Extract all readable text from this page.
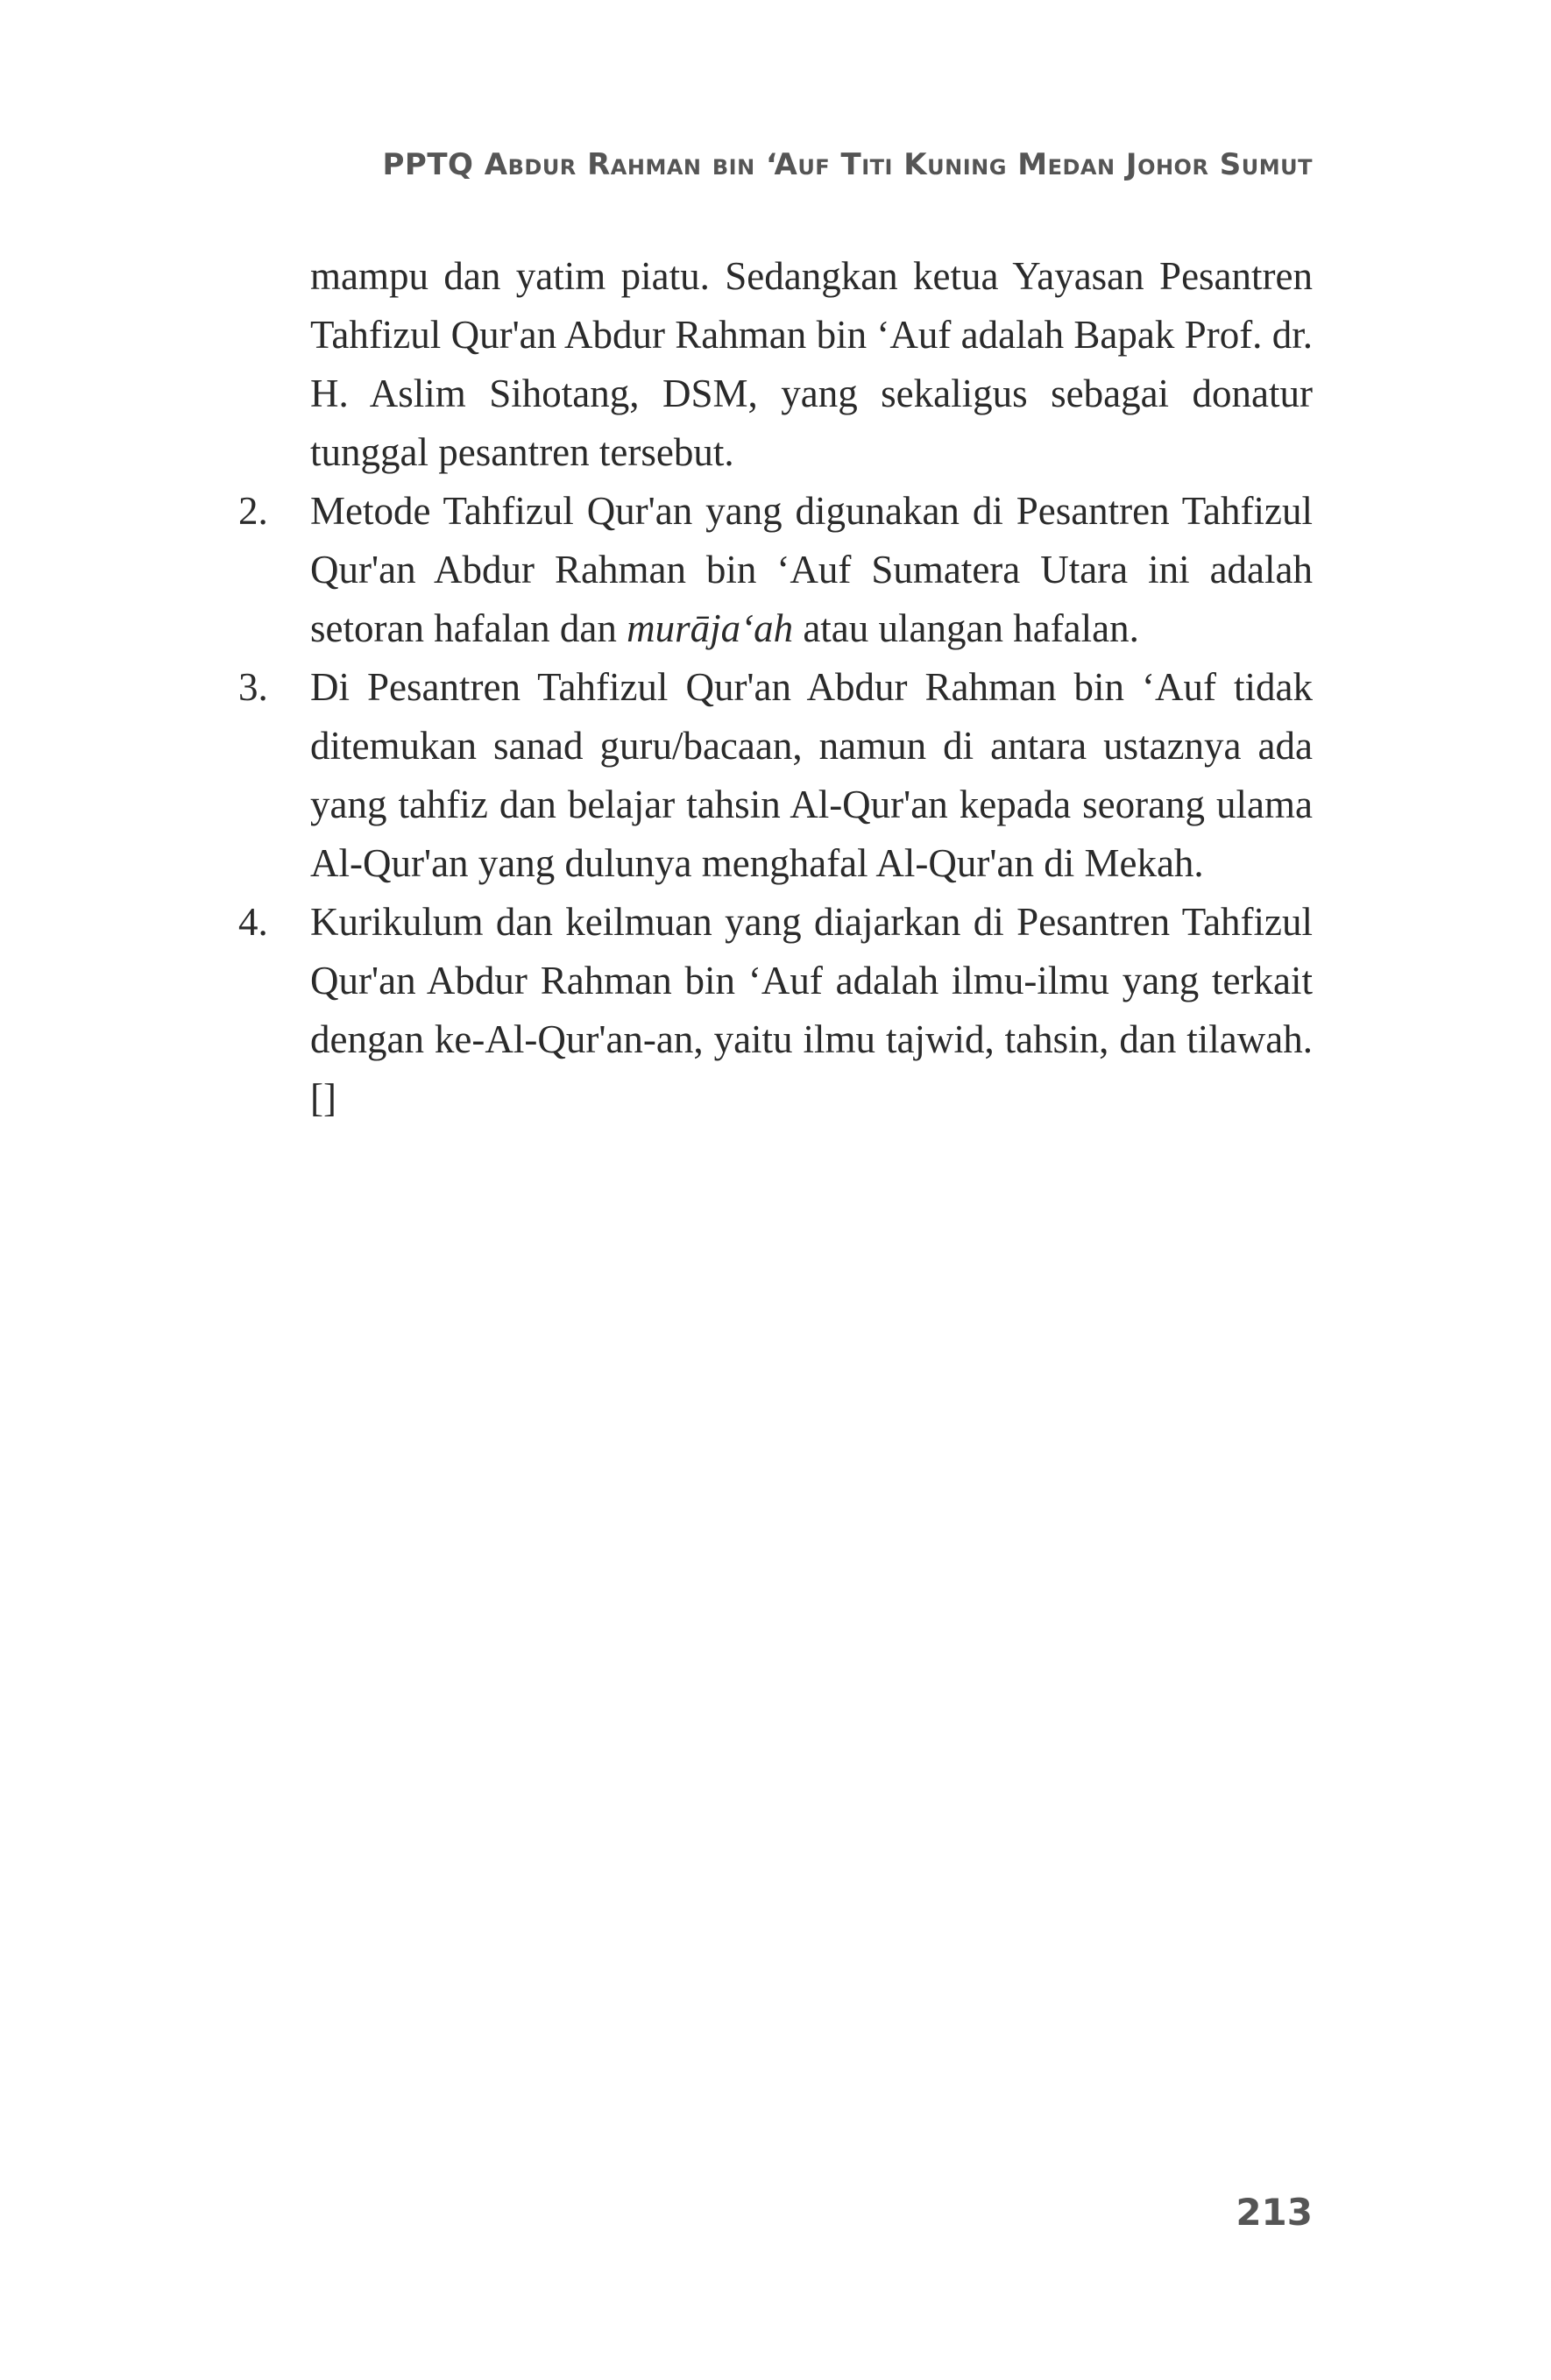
PPTQ Abdur Rahman bin ‘Auf Titi Kuning Medan Johor Sumut

mampu dan yatim piatu. Sedangkan ketua Yayasan Pesantren Tahfizul Qur'an Abdur Rahman bin ‘Auf adalah Bapak Prof. dr. H. Aslim Sihotang, DSM, yang sekaligus sebagai donatur tunggal pesantren tersebut.

2. Metode Tahfizul Qur'an yang digunakan di Pesantren Tahfizul Qur'an Abdur Rahman bin ‘Auf Sumatera Utara ini adalah setoran hafalan dan murāja‘ah atau ulangan hafalan.
3. Di Pesantren Tahfizul Qur'an Abdur Rahman bin ‘Auf tidak ditemukan sanad guru/bacaan, namun di antara ustaznya ada yang tahfiz dan belajar tahsin Al-Qur'an kepada seorang ulama Al-Qur'an yang dulunya menghafal Al-Qur'an di Mekah.
4. Kurikulum dan keilmuan yang diajarkan di Pesantren Tahfizul Qur'an Abdur Rahman bin ‘Auf adalah ilmu-ilmu yang terkait dengan ke-Al-Qur'an-an, yaitu ilmu tajwid, tahsin, dan tilawah.[]
213
